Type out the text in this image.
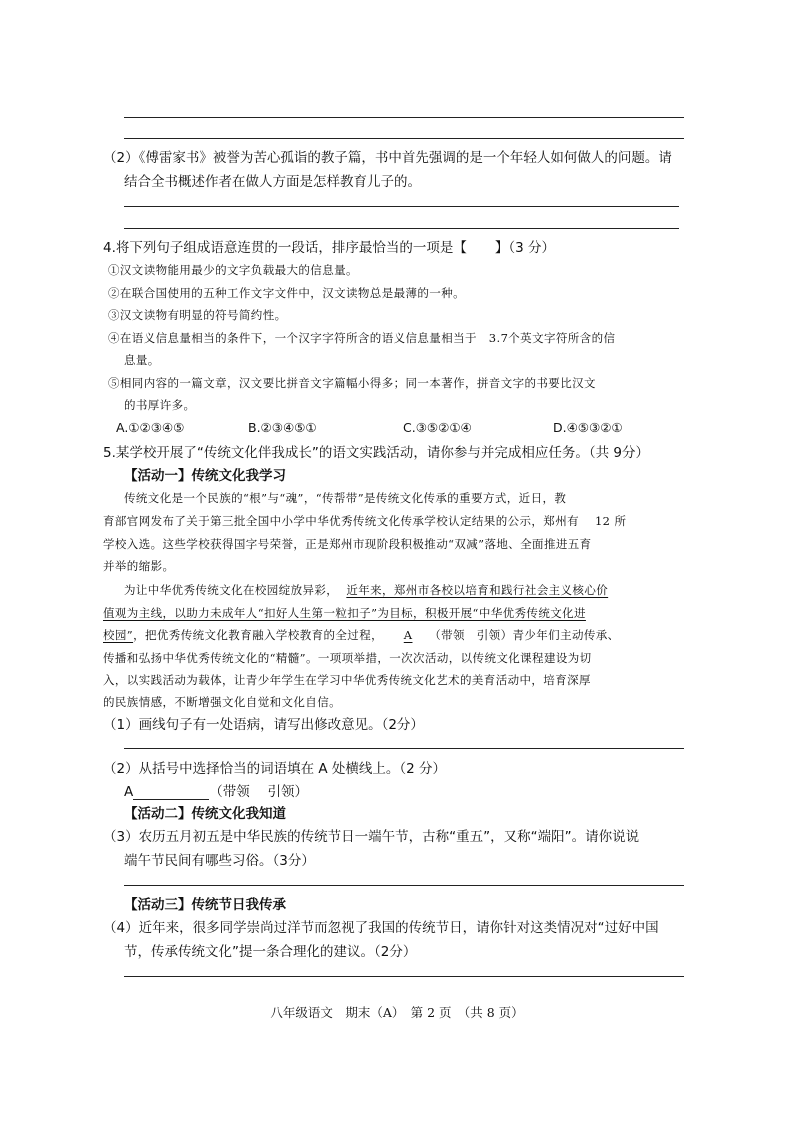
（2）《傅雷家书》被誉为苦心孤诣的教子篇，书中首先强调的是一个年轻人如何做人的问题。请
结合全书概述作者在做人方面是怎样教育儿子的。
4.将下列句子组成语意连贯的一段话，排序最恰当的一项是【 】（3 分）
①汉文读物能用最少的文字负载最大的信息量。
②在联合国使用的五种工作文字文件中，汉文读物总是最薄的一种。
③汉文读物有明显的符号简约性。
④在语义信息量相当的条件下，一个汉字字符所含的语义信息量相当于　3.7个英文字符所含的信
息量。
⑤相同内容的一篇文章，汉文要比拼音文字篇幅小得多；同一本著作，拼音文字的书要比汉文
的书厚许多。
A.①②③④⑤	B.②③④⑤①	C.③⑤②①④	D.④⑤③②①
5.某学校开展了“传统文化伴我成长”的语文实践活动，请你参与并完成相应任务。（共 9分）
【活动一】传统文化我学习
传统文化是一个民族的“根”与“魂”，“传帮带”是传统文化传承的重要方式，近日，教
育部官网发布了关于第三批全国中小学中华优秀传统文化传承学校认定结果的公示，郑州有　 12 所
学校入选。这些学校获得国字号荣誉，正是郑州市现阶段积极推动“双减”落地、全面推进五育
并举的缩影。
为让中华优秀传统文化在校园绽放异彩， 近年来，郑州市各校以培育和践行社会主义核心价
值观为主线，以助力未成年人“扣好人生第一粒扣子”为目标，积极开展“中华优秀传统文化进
校园”，把优秀传统文化教育融入学校教育的全过程， A （带领　引领）青少年们主动传承、
传播和弘扬中华优秀传统文化的“精髓”。一项项举措，一次次活动，以传统文化课程建设为切
入，以实践活动为载体，让青少年学生在学习中华优秀传统文化艺术的美育活动中，培育深厚
的民族情感，不断增强文化自觉和文化自信。
（1）画线句子有一处语病，请写出修改意见。（2分）
（2）从括号中选择恰当的词语填在 A 处横线上。（2 分）
A	（带领　 引领）
【活动二】传统文化我知道
（3）农历五月初五是中华民族的传统节日一端午节，古称“重五”，又称“端阳”。请你说说
端午节民间有哪些习俗。（3分）
【活动三】传统节日我传承
（4）近年来，很多同学崇尚过洋节而忽视了我国的传统节日，请你针对这类情况对“过好中国
节，传承传统文化”提一条合理化的建议。（2分）
八年级语文　期末（A）　第 2 页　（共 8 页）
